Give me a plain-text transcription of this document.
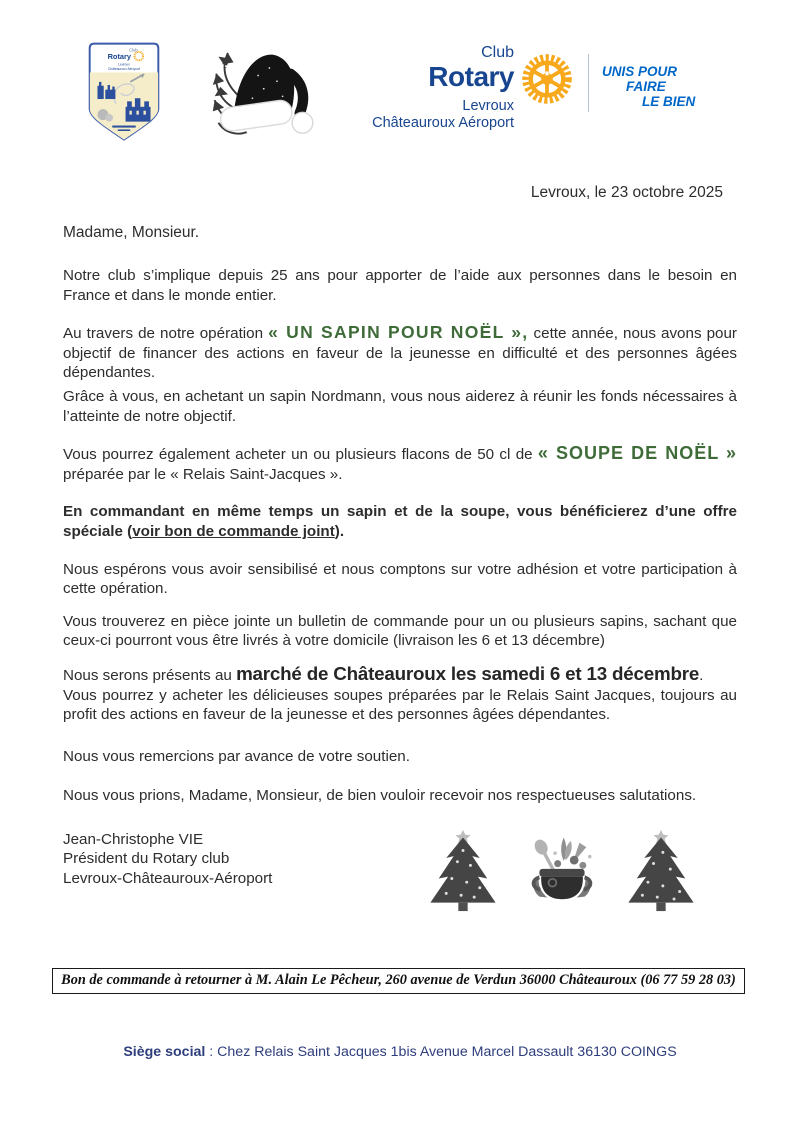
Club
Rotary
Levroux
Châteauroux Aéroport
Club
Rotary
Levroux
Châteauroux Aéroport
UNIS POUR
FAIRE
LE BIEN
Levroux, le 23 octobre 2025
Madame, Monsieur.

Notre club s’implique depuis 25 ans pour apporter de l’aide aux personnes dans le besoin en France et dans le monde entier.

Au travers de notre opération « UN SAPIN POUR NOËL », cette année, nous avons pour objectif de financer des actions en faveur de la jeunesse en difficulté et des personnes âgées dépendantes.

Grâce à vous, en achetant un sapin Nordmann, vous nous aiderez à réunir les fonds nécessaires à l’atteinte de notre objectif.

Vous pourrez également acheter un ou plusieurs flacons de 50 cl de « SOUPE DE NOËL » préparée par le « Relais Saint-Jacques ».

En commandant en même temps un sapin et de la soupe, vous bénéficierez d’une offre spéciale (voir bon de commande joint).

Nous espérons vous avoir sensibilisé et nous comptons sur votre adhésion et votre participation à cette opération.

Vous trouverez en pièce jointe un bulletin de commande pour un ou plusieurs sapins, sachant que ceux-ci pourront vous être livrés à votre domicile (livraison les 6 et 13 décembre)

Nous serons présents au marché de Châteauroux les samedi 6 et 13 décembre.

Vous pourrez y acheter les délicieuses soupes préparées par le Relais Saint Jacques, toujours au profit des actions en faveur de la jeunesse et des personnes âgées dépendantes.

Nous vous remercions par avance de votre soutien.

Nous vous prions, Madame, Monsieur, de bien vouloir recevoir nos respectueuses salutations.

Jean-Christophe VIE
Président du Rotary club
Levroux-Châteauroux-Aéroport
Bon de commande à retourner à M. Alain Le Pêcheur, 260 avenue de Verdun 36000 Châteauroux (06 77 59 28 03)
Siège social : Chez Relais Saint Jacques 1bis Avenue Marcel Dassault 36130 COINGS
